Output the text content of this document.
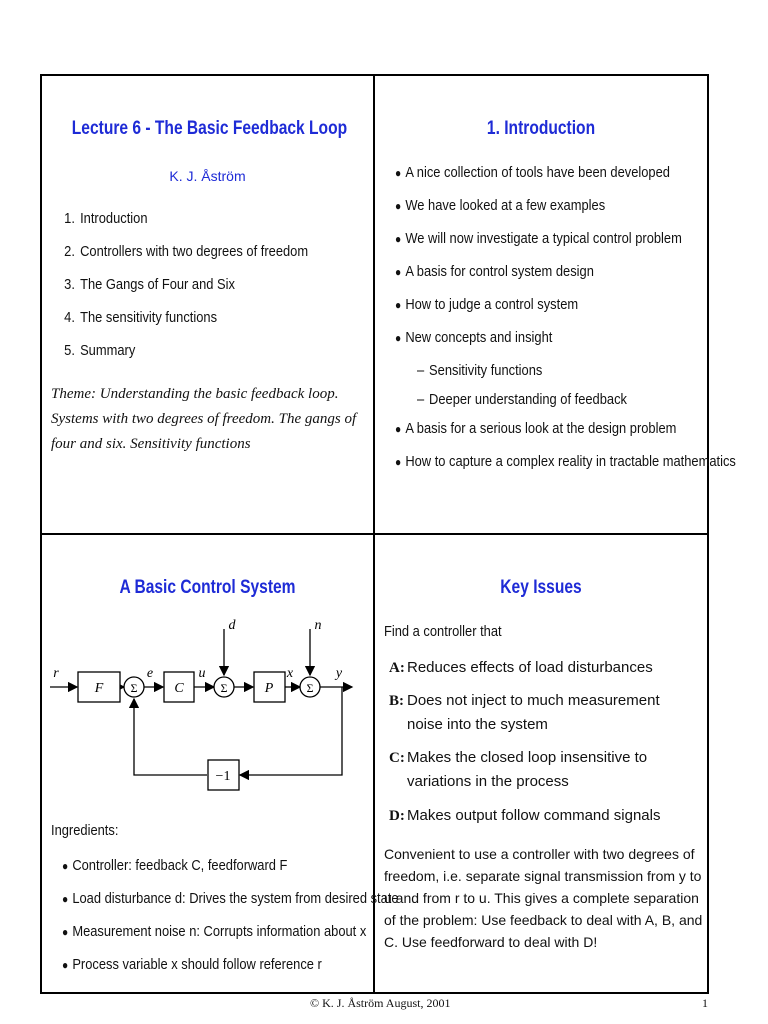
Lecture 6 - The Basic Feedback Loop
K. J. Åström
1. Introduction
2. Controllers with two degrees of freedom
3. The Gangs of Four and Six
4. The sensitivity functions
5. Summary
Theme: Understanding the basic feedback loop. Systems with two degrees of freedom. The gangs of four and six. Sensitivity functions
1. Introduction
● A nice collection of tools have been developed
● We have looked at a few examples
● We will now investigate a typical control problem
● A basis for control system design
● How to judge a control system
● New concepts and insight
– Sensitivity functions
– Deeper understanding of feedback
● A basis for a serious look at the design problem
● How to capture a complex reality in tractable mathematics
A Basic Control System
F	C	P
−1
Σ	Σ	Σ
r	e	u	x	y
d	n
Ingredients:
● Controller: feedback C, feedforward F
● Load disturbance d: Drives the system from desired state
● Measurement noise n: Corrupts information about x
● Process variable x should follow reference r
Key Issues
Find a controller that
A: Reduces effects of load disturbances
B: Does not inject to much measurement noise into the system
C: Makes the closed loop insensitive to variations in the process
D: Makes output follow command signals
Convenient to use a controller with two degrees of freedom, i.e. separate signal transmission from y to u and from r to u. This gives a complete separation of the problem: Use feedback to deal with A, B, and C. Use feedforward to deal with D!
© K. J. Åström August, 2001	1
